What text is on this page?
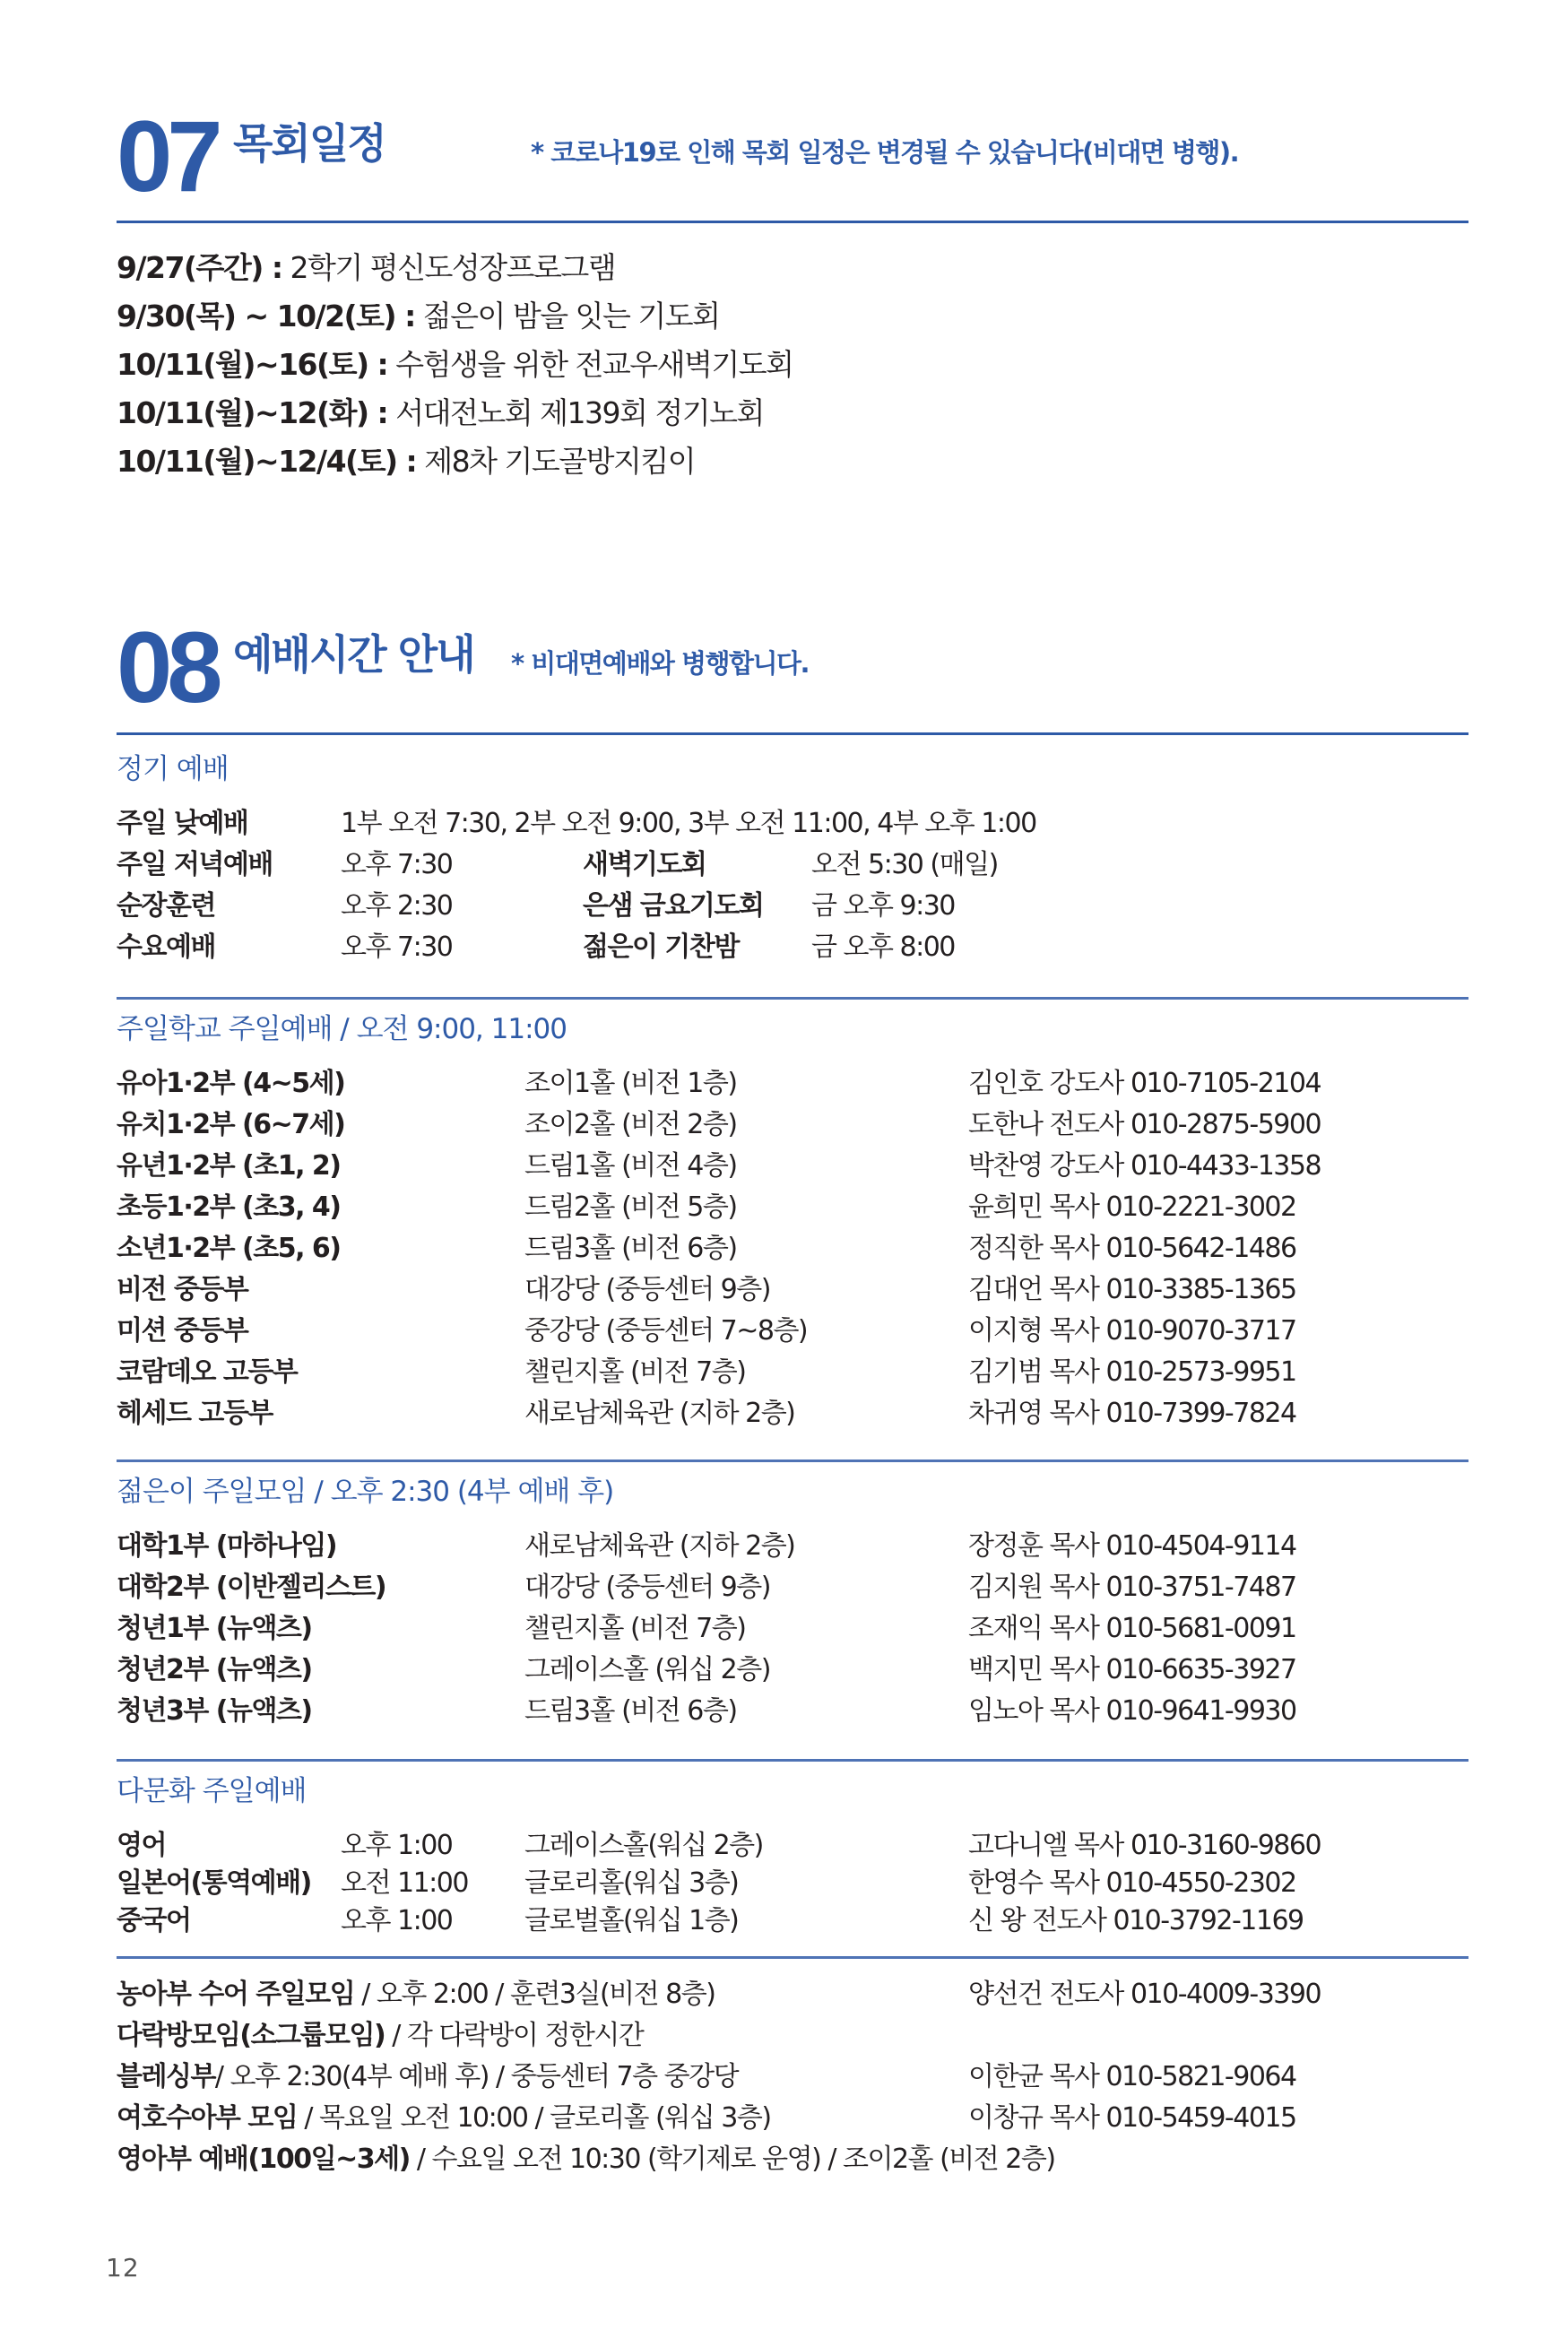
07 목회일정	* 코로나19로 인해 목회 일정은 변경될 수 있습니다(비대면 병행).
9/27(주간) : 2학기 평신도성장프로그램
9/30(목) ~ 10/2(토) : 젊은이 밤을 잇는 기도회
10/11(월)~16(토) : 수험생을 위한 전교우새벽기도회
10/11(월)~12(화) : 서대전노회 제139회 정기노회
10/11(월)~12/4(토) : 제8차 기도골방지킴이
08 예배시간 안내 * 비대면예배와 병행합니다.
정기 예배
주일 낮예배	1부 오전 7:30, 2부 오전 9:00, 3부 오전 11:00, 4부 오후 1:00
주일 저녁예배	오후 7:30	새벽기도회	오전 5:30 (매일)
순장훈련	오후 2:30	은샘 금요기도회 금 오후 9:30
수요예배	오후 7:30	젊은이 기찬밤	금 오후 8:00
주일학교 주일예배 / 오전 9:00, 11:00
유아1·2부 (4~5세)	조이1홀 (비전 1층)	김인호 강도사 010-7105-2104
유치1·2부 (6~7세)	조이2홀 (비전 2층)	도한나 전도사 010-2875-5900
유년1·2부 (초1, 2)	드림1홀 (비전 4층)	박찬영 강도사 010-4433-1358
초등1·2부 (초3, 4)	드림2홀 (비전 5층)	윤희민 목사 010-2221-3002
소년1·2부 (초5, 6)	드림3홀 (비전 6층)	정직한 목사 010-5642-1486
비전 중등부	대강당 (중등센터 9층)	김대언 목사 010-3385-1365
미션 중등부	중강당 (중등센터 7~8층)	이지형 목사 010-9070-3717
코람데오 고등부	챌린지홀 (비전 7층)	김기범 목사 010-2573-9951
헤세드 고등부	새로남체육관 (지하 2층)	차귀영 목사 010-7399-7824
젊은이 주일모임 / 오후 2:30 (4부 예배 후)
대학1부 (마하나임)	새로남체육관 (지하 2층)	장정훈 목사 010-4504-9114
대학2부 (이반젤리스트)	대강당 (중등센터 9층)	김지원 목사 010-3751-7487
청년1부 (뉴액츠)	챌린지홀 (비전 7층)	조재익 목사 010-5681-0091
청년2부 (뉴액츠)	그레이스홀 (워십 2층)	백지민 목사 010-6635-3927
청년3부 (뉴액츠)	드림3홀 (비전 6층)	임노아 목사 010-9641-9930
다문화 주일예배
영어	오후 1:00	그레이스홀(워십 2층)	고다니엘 목사 010-3160-9860
일본어(통역예배) 오전 11:00 글로리홀(워십 3층)	한영수 목사 010-4550-2302
중국어	오후 1:00	글로벌홀(워십 1층)	신 왕 전도사 010-3792-1169
농아부 수어 주일모임 / 오후 2:00 / 훈련3실(비전 8층)	양선건 전도사 010-4009-3390
다락방모임(소그룹모임) / 각 다락방이 정한시간
블레싱부/ 오후 2:30(4부 예배 후) / 중등센터 7층 중강당	이한균 목사 010-5821-9064
여호수아부 모임 / 목요일 오전 10:00 / 글로리홀 (워십 3층)	이창규 목사 010-5459-4015
영아부 예배(100일~3세) / 수요일 오전 10:30 (학기제로 운영) / 조이2홀 (비전 2층)
12
